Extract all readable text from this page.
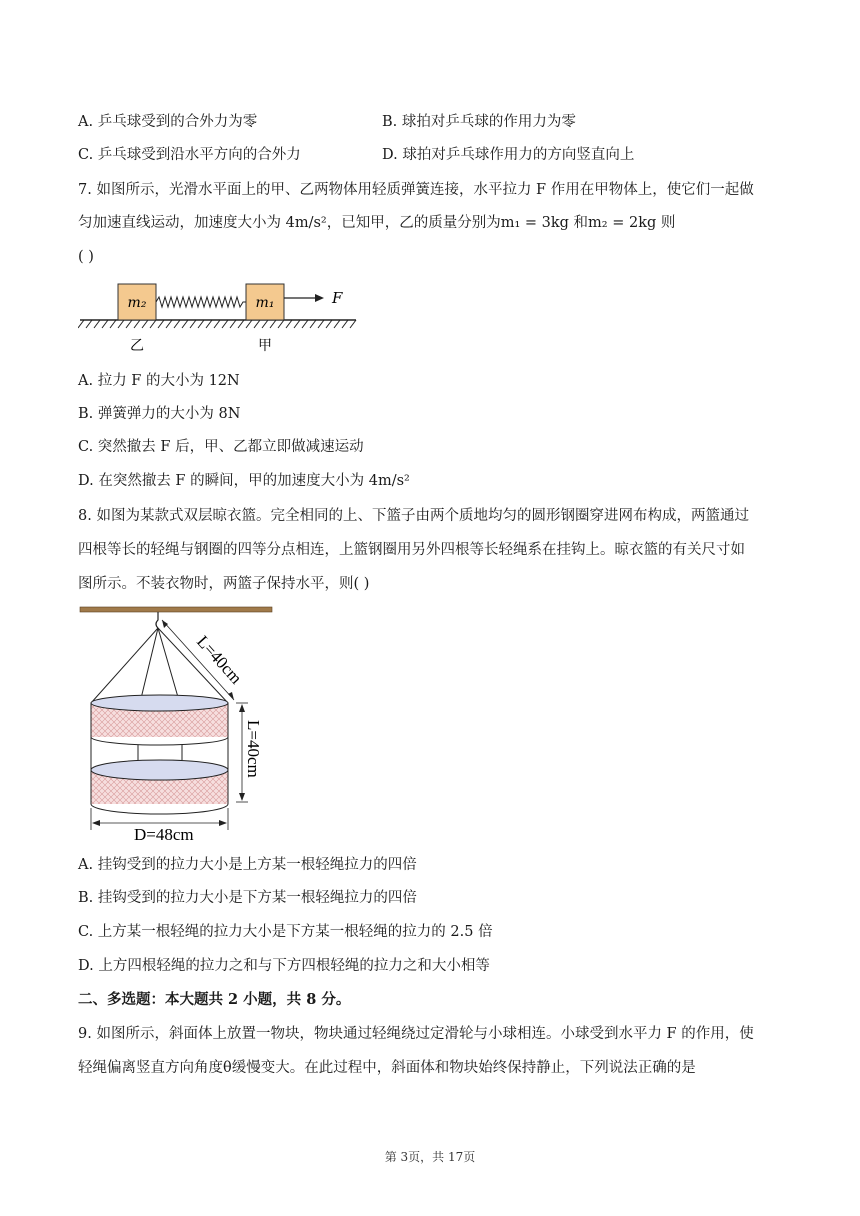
A. 乒乓球受到的合外力为零	B. 球拍对乒乓球的作用力为零
C. 乒乓球受到沿水平方向的合外力	D. 球拍对乒乓球作用力的方向竖直向上
7. 如图所示，光滑水平面上的甲、乙两物体用轻质弹簧连接，水平拉力 F 作用在甲物体上，使它们一起做
匀加速直线运动，加速度大小为 4m/s²，已知甲，乙的质量分别为m₁ = 3kg 和m₂ = 2kg 则
( )
m₂	m₁	F
乙	甲
A. 拉力 F 的大小为 12N
B. 弹簧弹力的大小为 8N
C. 突然撤去 F 后，甲、乙都立即做减速运动
D. 在突然撤去 F 的瞬间，甲的加速度大小为 4m/s²
8. 如图为某款式双层晾衣篮。完全相同的上、下篮子由两个质地均匀的圆形钢圈穿进网布构成，两篮通过
四根等长的轻绳与钢圈的四等分点相连，上篮钢圈用另外四根等长轻绳系在挂钩上。晾衣篮的有关尺寸如
图所示。不装衣物时，两篮子保持水平，则( )
L=40cm
L=40cm
D=48cm
A. 挂钩受到的拉力大小是上方某一根轻绳拉力的四倍
B. 挂钩受到的拉力大小是下方某一根轻绳拉力的四倍
C. 上方某一根轻绳的拉力大小是下方某一根轻绳的拉力的 2.5 倍
D. 上方四根轻绳的拉力之和与下方四根轻绳的拉力之和大小相等
二、多选题：本大题共 2 小题，共 8 分。
9. 如图所示，斜面体上放置一物块，物块通过轻绳绕过定滑轮与小球相连。小球受到水平力 F 的作用，使
轻绳偏离竖直方向角度θ缓慢变大。在此过程中，斜面体和物块始终保持静止，下列说法正确的是
第 3页，共 17页
